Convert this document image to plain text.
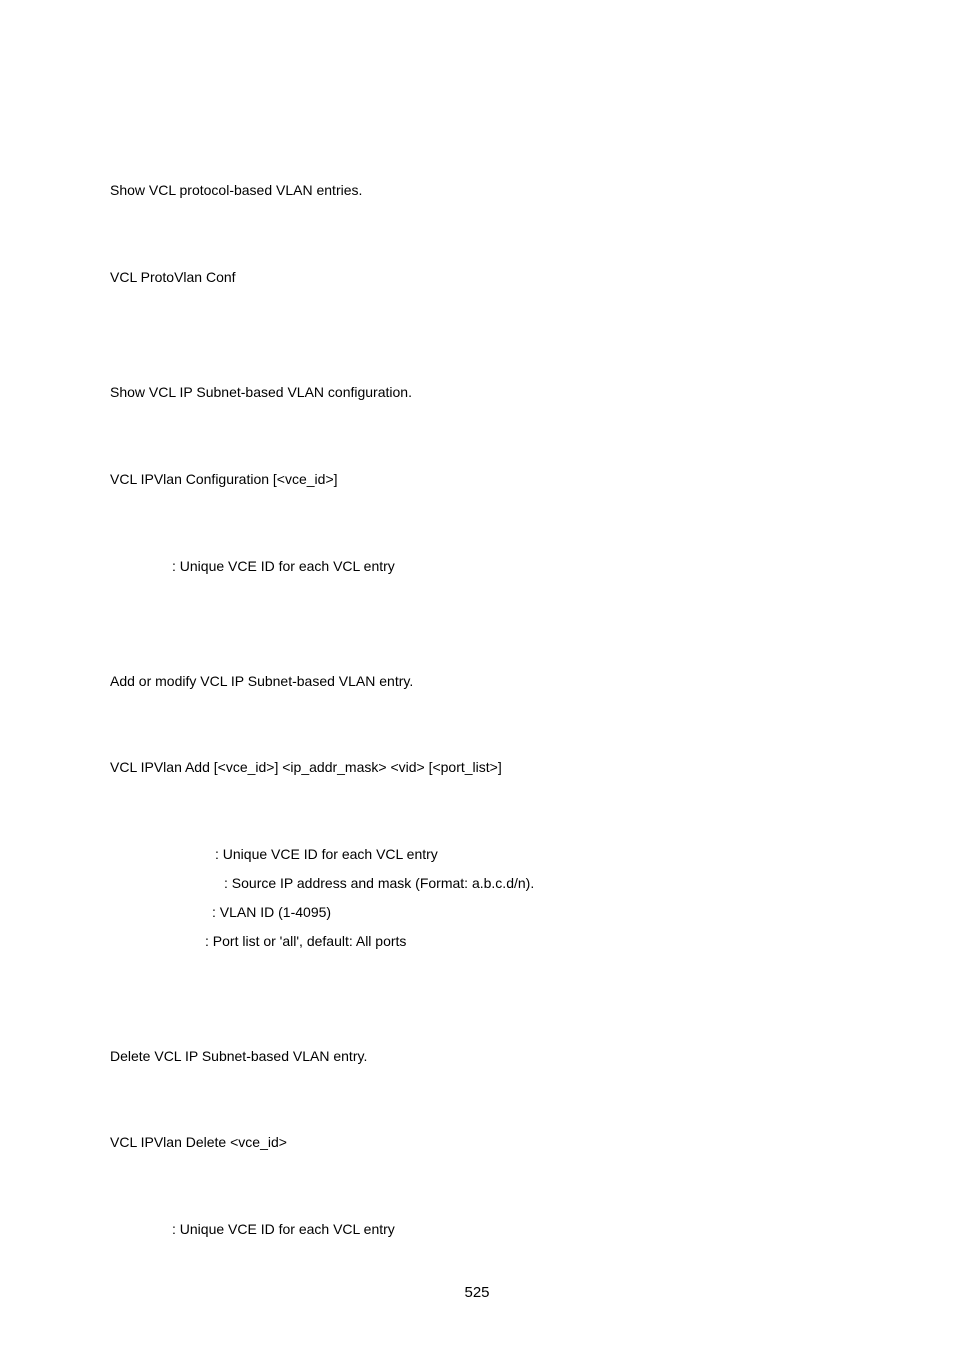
Show VCL protocol-based VLAN entries.
VCL ProtoVlan Conf
Show VCL IP Subnet-based VLAN configuration.
VCL IPVlan Configuration [<vce_id>]
: Unique VCE ID for each VCL entry
Add or modify VCL IP Subnet-based VLAN entry.
VCL IPVlan Add [<vce_id>] <ip_addr_mask> <vid> [<port_list>]
: Unique VCE ID for each VCL entry
: Source IP address and mask (Format: a.b.c.d/n).
: VLAN ID (1-4095)
: Port list or 'all', default: All ports
Delete VCL IP Subnet-based VLAN entry.
VCL IPVlan Delete <vce_id>
: Unique VCE ID for each VCL entry
525
